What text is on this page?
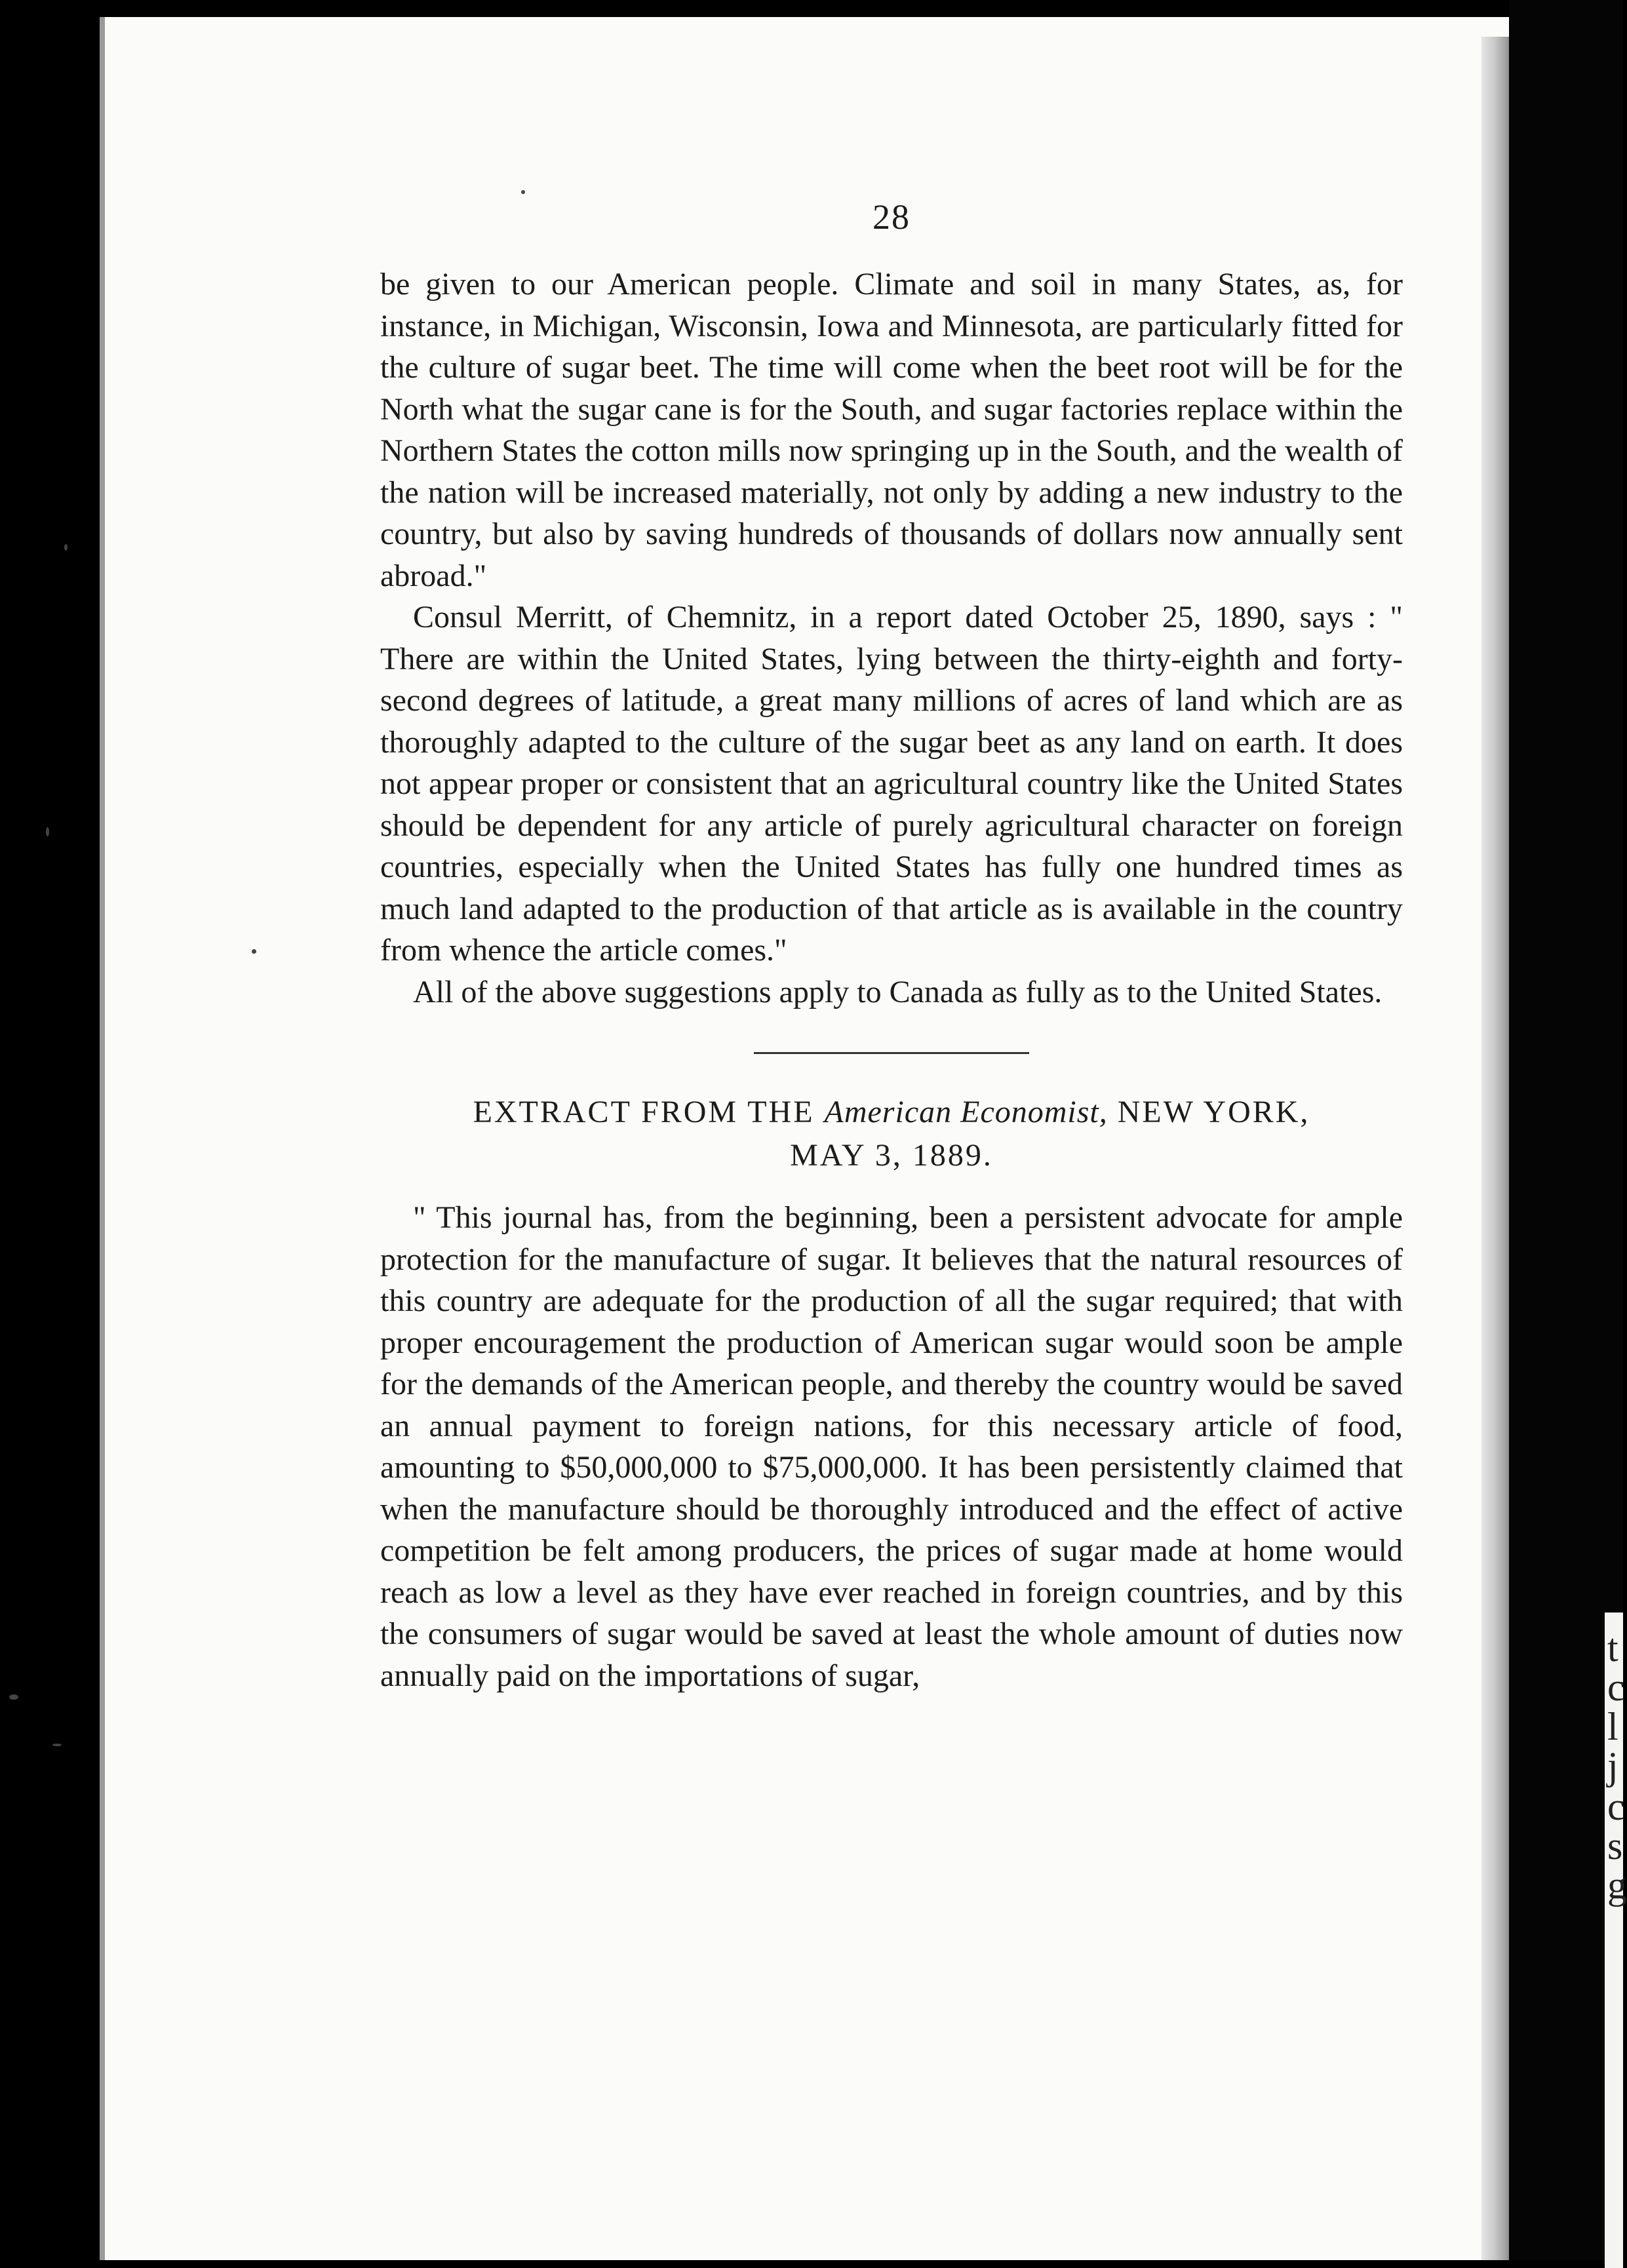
t
c
l
j
c
s
g
28

be given to our American people. Climate and soil in many States, as, for instance, in Michigan, Wisconsin, Iowa and Minnesota, are particularly fitted for the culture of sugar beet. The time will come when the beet root will be for the North what the sugar cane is for the South, and sugar factories replace within the Northern States the cotton mills now springing up in the South, and the wealth of the nation will be increased materially, not only by adding a new industry to the country, but also by saving hundreds of thousands of dollars now annually sent abroad."

Consul Merritt, of Chemnitz, in a report dated October 25, 1890, says : " There are within the United States, lying between the thirty-eighth and forty-second degrees of latitude, a great many millions of acres of land which are as thoroughly adapted to the culture of the sugar beet as any land on earth. It does not appear proper or consistent that an agricultural country like the United States should be dependent for any article of purely agricultural character on foreign countries, especially when the United States has fully one hundred times as much land adapted to the production of that article as is available in the country from whence the article comes."

All of the above suggestions apply to Canada as fully as to the United States.

EXTRACT FROM THE American Economist, NEW YORK,
MAY 3, 1889.

" This journal has, from the beginning, been a persistent advocate for ample protection for the manufacture of sugar. It believes that the natural resources of this country are adequate for the production of all the sugar required; that with proper encouragement the production of American sugar would soon be ample for the demands of the American people, and thereby the country would be saved an annual payment to foreign nations, for this necessary article of food, amounting to $50,000,000 to $75,000,000. It has been persistently claimed that when the manufacture should be thoroughly introduced and the effect of active competition be felt among producers, the prices of sugar made at home would reach as low a level as they have ever reached in foreign countries, and by this the consumers of sugar would be saved at least the whole amount of duties now annually paid on the importations of sugar,
